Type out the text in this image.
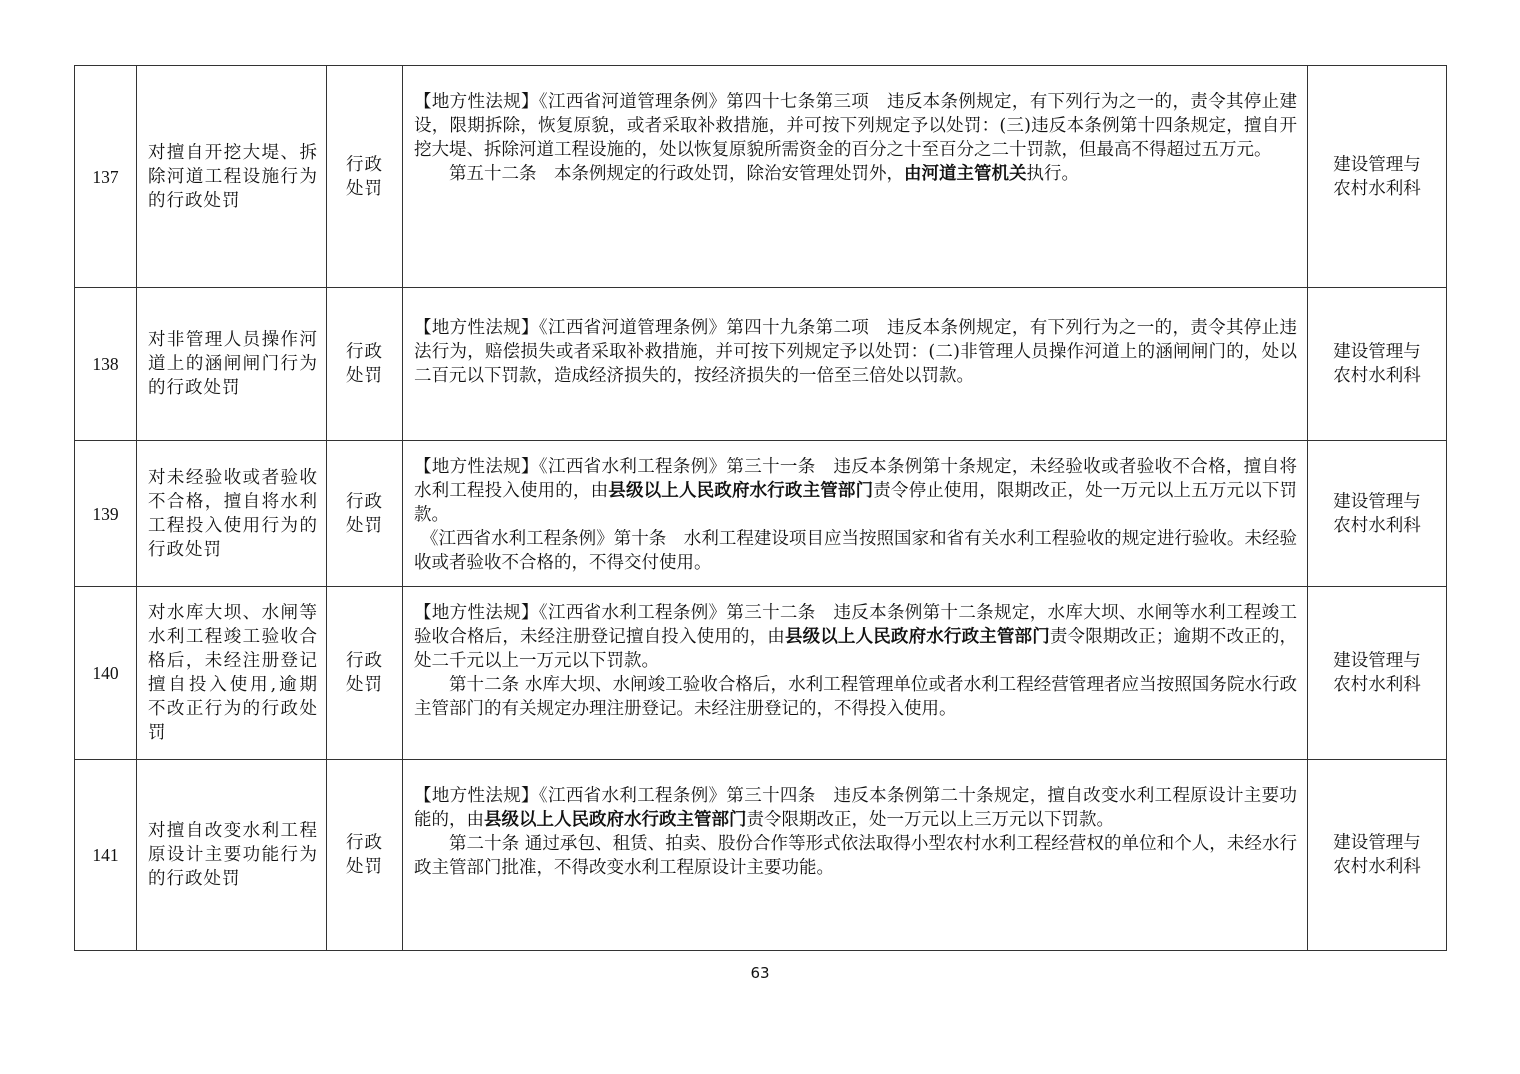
137	对擅自开挖大堤、拆除河道工程设施行为的行政处罚	行政处罚	【地方性法规】《江西省河道管理条例》第四十七条第三项　违反本条例规定，有下列行为之一的，责令其停止建设，限期拆除，恢复原貌，或者采取补救措施，并可按下列规定予以处罚：(三)违反本条例第十四条规定，擅自开挖大堤、拆除河道工程设施的，处以恢复原貌所需资金的百分之十至百分之二十罚款，但最高不得超过五万元。
第五十二条　本条例规定的行政处罚，除治安管理处罚外，由河道主管机关执行。	建设管理与农村水利科

138	对非管理人员操作河道上的涵闸闸门行为的行政处罚	行政处罚	【地方性法规】《江西省河道管理条例》第四十九条第二项　违反本条例规定，有下列行为之一的，责令其停止违法行为，赔偿损失或者采取补救措施，并可按下列规定予以处罚：(二)非管理人员操作河道上的涵闸闸门的，处以二百元以下罚款，造成经济损失的，按经济损失的一倍至三倍处以罚款。	建设管理与农村水利科

139	对未经验收或者验收不合格，擅自将水利工程投入使用行为的行政处罚	行政处罚	【地方性法规】《江西省水利工程条例》第三十一条　违反本条例第十条规定，未经验收或者验收不合格，擅自将水利工程投入使用的，由县级以上人民政府水行政主管部门责令停止使用，限期改正，处一万元以上五万元以下罚款。
《江西省水利工程条例》第十条　水利工程建设项目应当按照国家和省有关水利工程验收的规定进行验收。未经验收或者验收不合格的，不得交付使用。	建设管理与农村水利科

140	对水库大坝、水闸等水利工程竣工验收合格后，未经注册登记擅自投入使用,逾期不改正行为的行政处罚	行政处罚	【地方性法规】《江西省水利工程条例》第三十二条　违反本条例第十二条规定，水库大坝、水闸等水利工程竣工验收合格后，未经注册登记擅自投入使用的，由县级以上人民政府水行政主管部门责令限期改正；逾期不改正的，处二千元以上一万元以下罚款。
第十二条 水库大坝、水闸竣工验收合格后，水利工程管理单位或者水利工程经营管理者应当按照国务院水行政主管部门的有关规定办理注册登记。未经注册登记的，不得投入使用。	建设管理与农村水利科

141	对擅自改变水利工程原设计主要功能行为的行政处罚	行政处罚	【地方性法规】《江西省水利工程条例》第三十四条　违反本条例第二十条规定，擅自改变水利工程原设计主要功能的，由县级以上人民政府水行政主管部门责令限期改正，处一万元以上三万元以下罚款。
第二十条 通过承包、租赁、拍卖、股份合作等形式依法取得小型农村水利工程经营权的单位和个人，未经水行政主管部门批准，不得改变水利工程原设计主要功能。	建设管理与农村水利科
63
